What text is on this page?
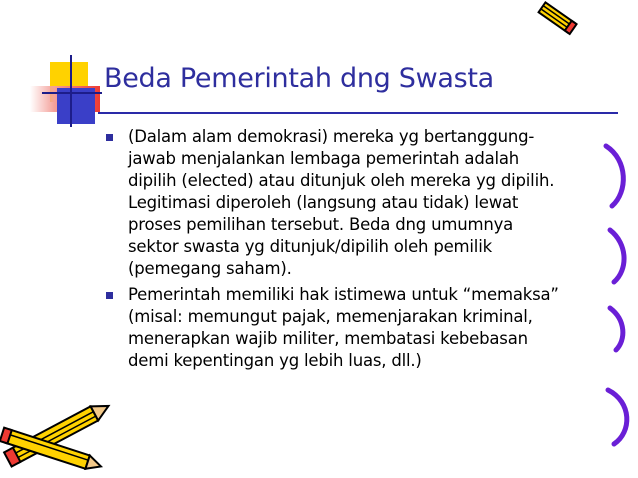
Beda Pemerintah dng Swasta
(Dalam alam demokrasi) mereka yg bertanggung-
jawab menjalankan lembaga pemerintah adalah
dipilih (elected) atau ditunjuk oleh mereka yg dipilih.
Legitimasi diperoleh (langsung atau tidak) lewat
proses pemilihan tersebut. Beda dng umumnya
sektor swasta yg ditunjuk/dipilih oleh pemilik
(pemegang saham).
Pemerintah memiliki hak istimewa untuk “memaksa”
(misal: memungut pajak, memenjarakan kriminal,
menerapkan wajib militer, membatasi kebebasan
demi kepentingan yg lebih luas, dll.)
